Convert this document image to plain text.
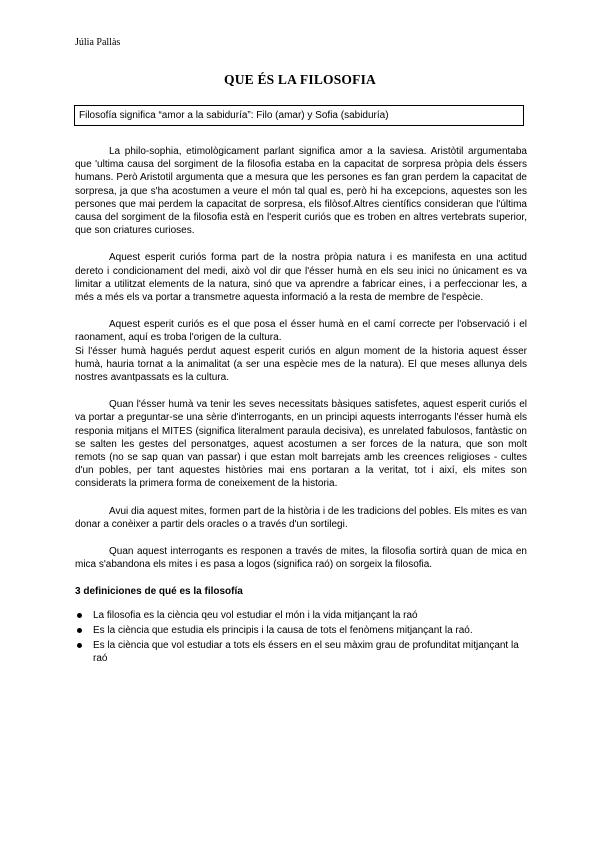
Júlia Pallàs
QUE ÉS LA FILOSOFIA
Filosofía significa “amor a la sabiduría”: Filo (amar) y Sofia (sabiduría)

La philo-sophia, etimològicament parlant significa amor a la saviesa. Aristòtil argumentaba que 'ultima causa del sorgiment de la filosofia estaba en la capacitat de sorpresa pròpia dels éssers humans. Però Aristotil argumenta que a mesura que les persones es fan gran perdem la capacitat de sorpresa, ja que s'ha acostumen a veure el món tal qual es, però hi ha excepcions, aquestes son les persones que mai perdem la capacitat de sorpresa, els filòsof.Altres científics consideran que l'última causa del sorgiment de la filosofia està en l'esperit curiós que es troben en altres vertebrats superior, que son criatures curioses.

Aquest esperit curiós forma part de la nostra pròpia natura i es manifesta en una actitud dereto i condicionament del medi, això vol dir que l'ésser humà en els seu inici no únicament es va limitar a utilitzat elements de la natura, sinó que va aprendre a fabricar eines, i a perfeccionar les, a més a més els va portar a transmetre aquesta informació a la resta de membre de l'espècie.

Aquest esperit curiós es el que posa el ésser humà en el camí correcte per l'observació i el raonament, aquí es troba l'origen de la cultura.

Si l'ésser humà hagués perdut aquest esperit curiós en algun moment de la historia aquest ésser humà, hauria tornat a la animalitat (a ser una espècie mes de la natura). El que meses allunya dels nostres avantpassats es la cultura.

Quan l'ésser humà va tenir les seves necessitats bàsiques satisfetes, aquest esperit curiós el va portar a preguntar-se una sèrie d'interrogants, en un principi aquests interrogants l'ésser humà els responia mitjans el MITES (significa literalment paraula decisiva), es unrelated fabulosos, fantàstic on se salten les gestes del personatges, aquest acostumen a ser forces de la natura, que son molt remots (no se sap quan van passar) i que estan molt barrejats amb les creences religioses - cultes d'un pobles, per tant aquestes històries mai ens portaran a la veritat, tot i així, els mites son considerats la primera forma de coneixement de la historia.

Avui dia aquest mites, formen part de la història i de les tradicions del pobles. Els mites es van donar a conèixer a partir dels oracles o a través d'un sortilegi.

Quan aquest interrogants es responen a través de mites, la filosofia sortirà quan de mica en mica s'abandona els mites i es pasa a logos (significa raó) on sorgeix la filosofia.

3 definiciones de qué es la filosofía
La filosofia es la ciència qeu vol estudiar el món i la vida mitjançant la raó
Es la ciència que estudia els principis i la causa de tots el fenòmens mitjançant la raó.
Es la ciència que vol estudiar a tots els éssers en el seu màxim grau de profunditat mitjançant la raó
